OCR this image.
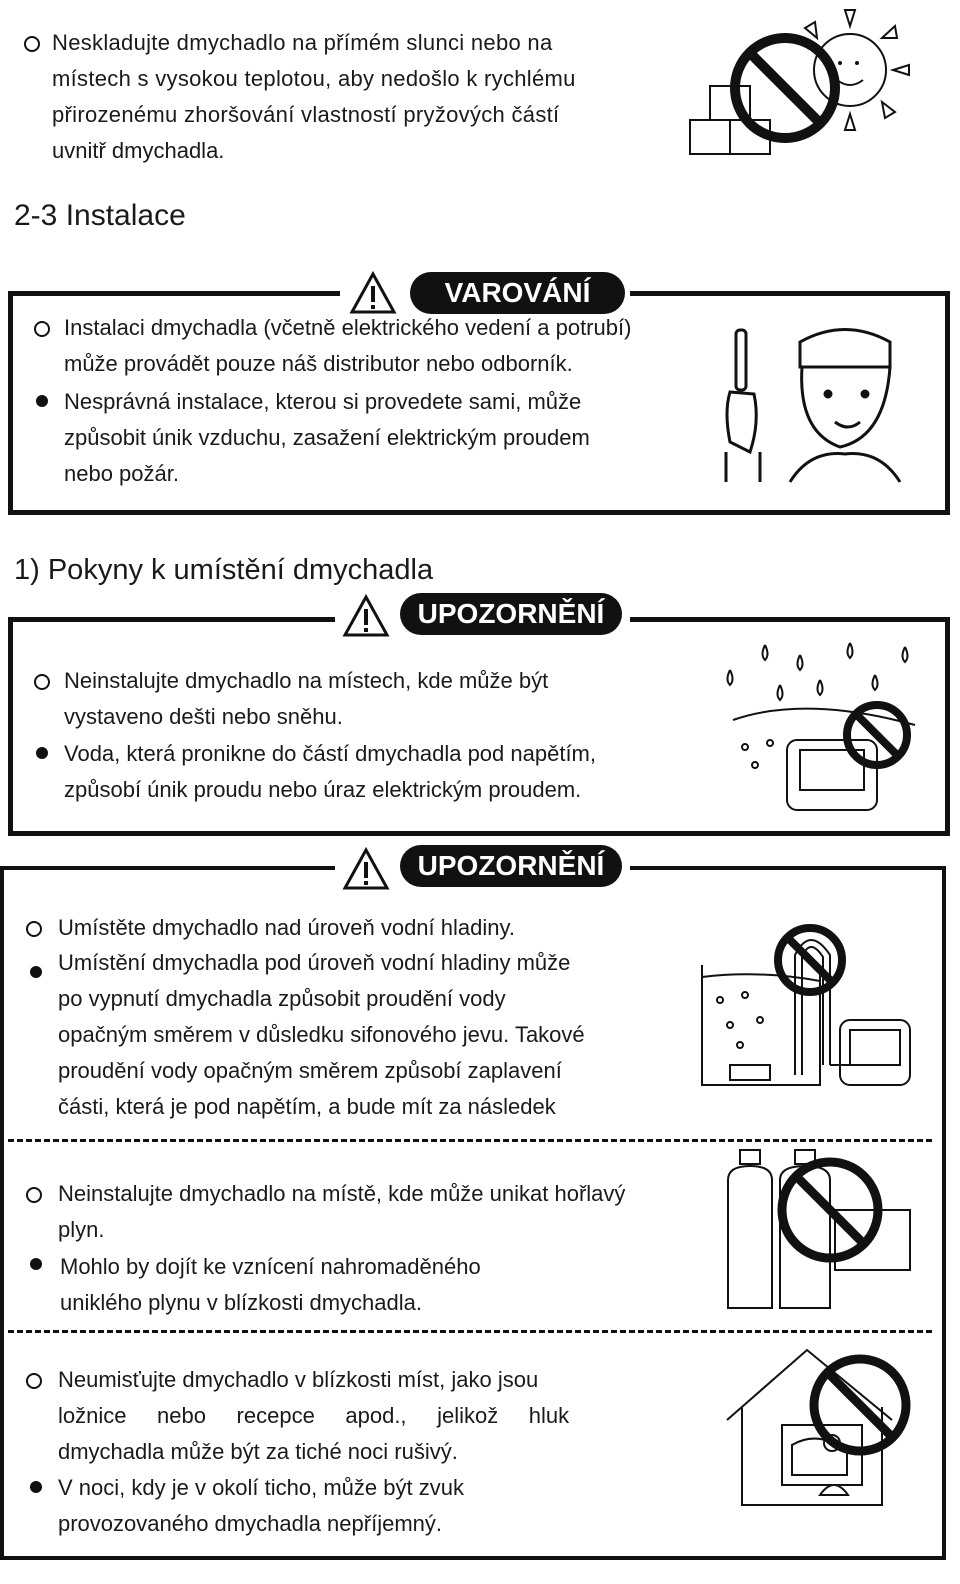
Neskladujte dmychadlo na přímém slunci nebo na
místech s vysokou teplotou, aby nedošlo k rychlému
přirozenému zhoršování vlastností pryžových částí
uvnitř dmychadla.
2-3 Instalace
VAROVÁNÍ
Instalaci dmychadla (včetně elektrického vedení a potrubí)
může provádět pouze náš distributor nebo odborník.
Nesprávná instalace, kterou si provedete sami, může
způsobit únik vzduchu, zasažení elektrickým proudem
nebo požár.
1) Pokyny k umístění dmychadla
UPOZORNĚNÍ
Neinstalujte dmychadlo na místech, kde může být
vystaveno dešti nebo sněhu.
Voda, která pronikne do částí dmychadla pod napětím,
způsobí únik proudu nebo úraz elektrickým proudem.
UPOZORNĚNÍ
Umístěte dmychadlo nad úroveň vodní hladiny.
Umístění dmychadla pod úroveň vodní hladiny může
po vypnutí dmychadla způsobit proudění vody
opačným směrem v důsledku sifonového jevu. Takové
proudění vody opačným směrem způsobí zaplavení
části, která je pod napětím, a bude mít za následek
Neinstalujte dmychadlo na místě, kde může unikat hořlavý
plyn.
Mohlo by dojít ke vznícení nahromaděného
uniklého plynu v blízkosti dmychadla.
Neumisťujte dmychadlo v blízkosti míst, jako jsou
ložnice     nebo     recepce     apod.,     jelikož     hluk
dmychadla může být za tiché noci rušivý.
V noci, kdy je v okolí ticho, může být zvuk
provozovaného dmychadla nepříjemný.
